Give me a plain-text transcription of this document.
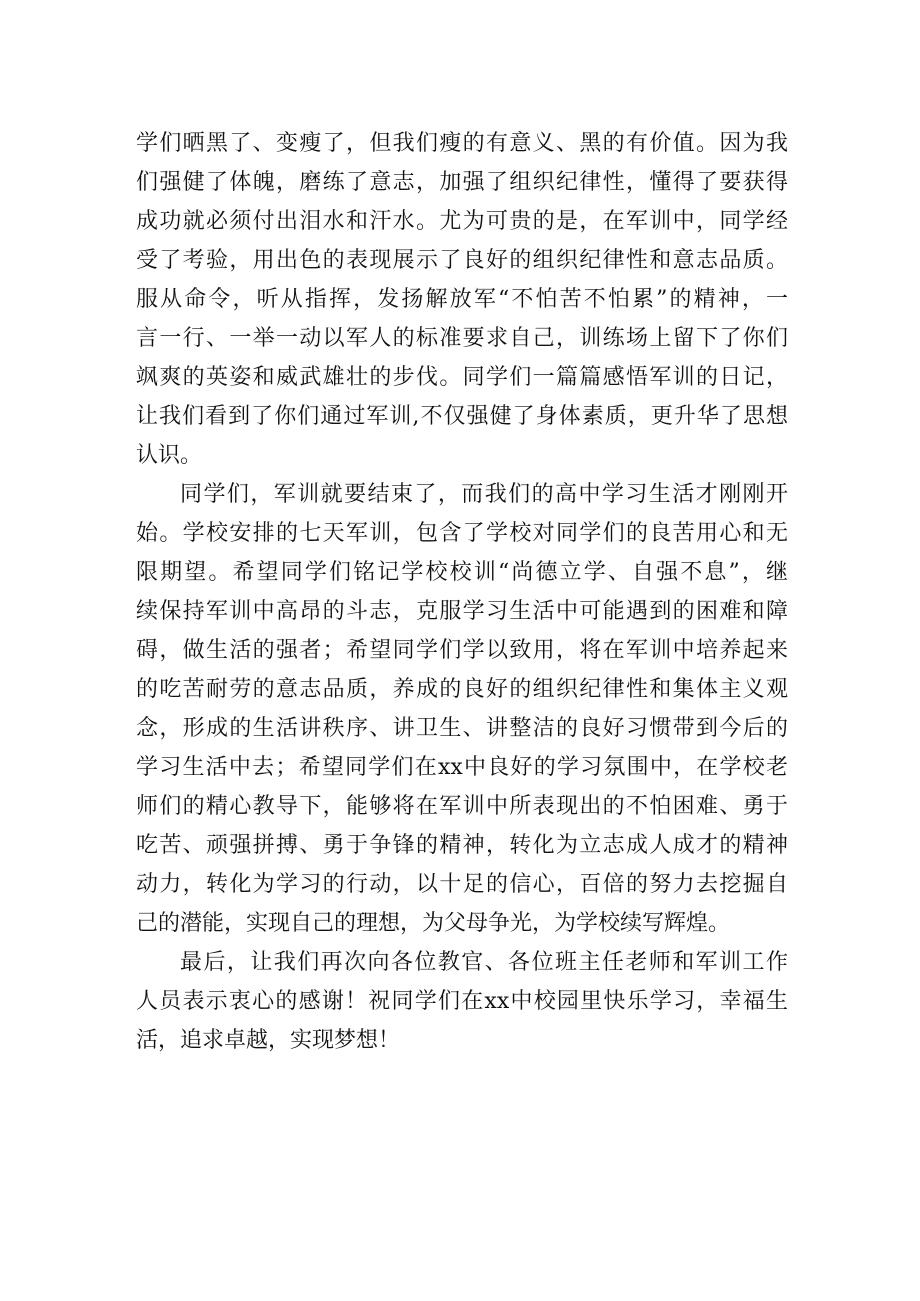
学们晒黑了、变瘦了，但我们瘦的有意义、黑的有价值。因为我
们强健了体魄，磨练了意志，加强了组织纪律性，懂得了要获得
成功就必须付出泪水和汗水。尤为可贵的是，在军训中，同学经
受了考验，用出色的表现展示了良好的组织纪律性和意志品质。
服从命令，听从指挥，发扬解放军“不怕苦不怕累”的精神，一
言一行、一举一动以军人的标准要求自己，训练场上留下了你们
飒爽的英姿和威武雄壮的步伐。同学们一篇篇感悟军训的日记，
让我们看到了你们通过军训,不仅强健了身体素质，更升华了思想
认识。
同学们，军训就要结束了，而我们的高中学习生活才刚刚开
始。学校安排的七天军训，包含了学校对同学们的良苦用心和无
限期望。希望同学们铭记学校校训“尚德立学、自强不息”，继
续保持军训中高昂的斗志，克服学习生活中可能遇到的困难和障
碍，做生活的强者；希望同学们学以致用，将在军训中培养起来
的吃苦耐劳的意志品质，养成的良好的组织纪律性和集体主义观
念，形成的生活讲秩序、讲卫生、讲整洁的良好习惯带到今后的
学习生活中去；希望同学们在xx中良好的学习氛围中，在学校老
师们的精心教导下，能够将在军训中所表现出的不怕困难、勇于
吃苦、顽强拼搏、勇于争锋的精神，转化为立志成人成才的精神
动力，转化为学习的行动，以十足的信心，百倍的努力去挖掘自
己的潜能，实现自己的理想，为父母争光，为学校续写辉煌。
最后，让我们再次向各位教官、各位班主任老师和军训工作
人员表示衷心的感谢！祝同学们在xx中校园里快乐学习，幸福生
活，追求卓越，实现梦想！
